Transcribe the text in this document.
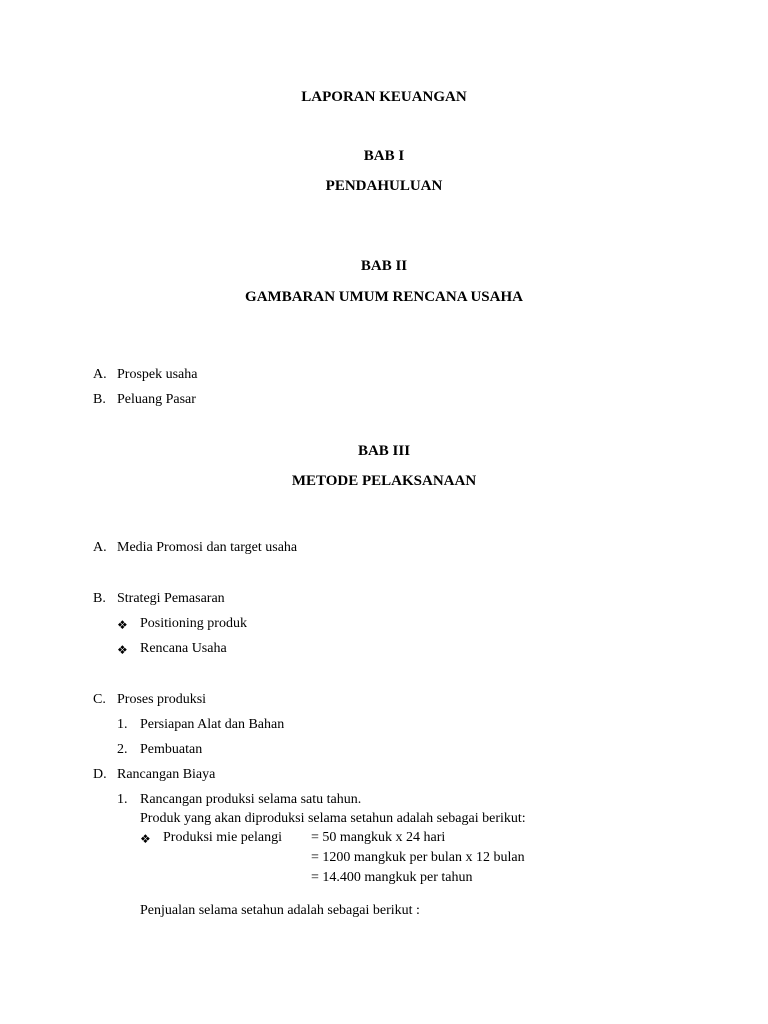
LAPORAN KEUANGAN
BAB I
PENDAHULUAN
BAB II
GAMBARAN UMUM RENCANA USAHA
A. Prospek usaha
B. Peluang Pasar
BAB III
METODE PELAKSANAAN
A. Media Promosi dan target usaha
B. Strategi Pemasaran
❖ Positioning produk
❖ Rencana Usaha
C. Proses produksi
1. Persiapan Alat dan Bahan
2. Pembuatan
D. Rancangan Biaya
1. Rancangan produksi selama satu tahun.
Produk yang akan diproduksi selama setahun adalah sebagai berikut:
❖ Produksi mie pelangi = 50 mangkuk x 24 hari
= 1200 mangkuk per bulan x 12 bulan
= 14.400 mangkuk per tahun
Penjualan selama setahun adalah sebagai berikut :
